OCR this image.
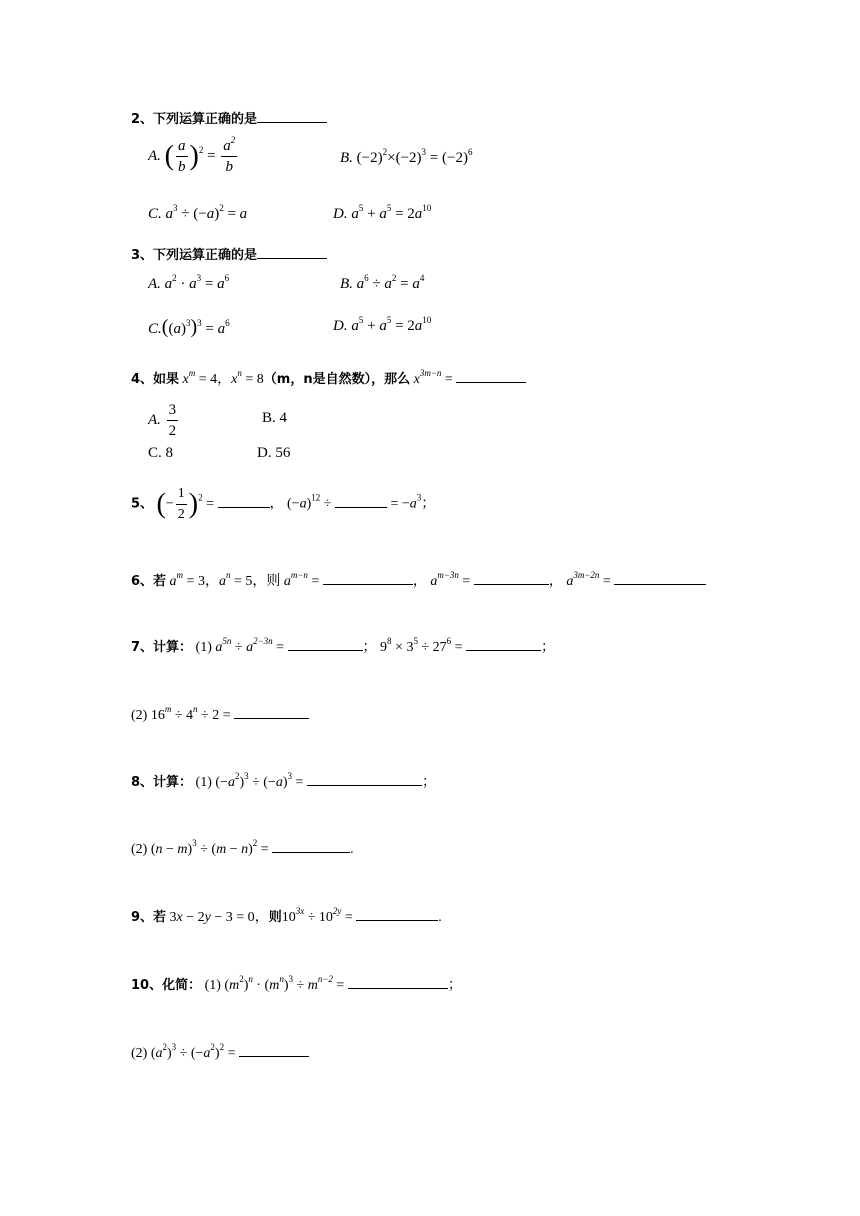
2、下列运算正确的是
A. ( $\frac{a}{b} )^2 = \frac{a^2}{b}$	B. $(-2)^2\times(-2)^3 = (-2)^6$
C. $a^3 \div (-a)^2 = a$	D. $a^5 + a^5 = 2a^{10}$
3、下列运算正确的是
A. $a^2 \cdot a^3 = a^6$	B. $a^6 \div a^2 = a^4$
$C.((a)^3)^3 = a^6$	D. $a^5 + a^5 = 2a^{10}$
4、如果 $x^m = 4$，$x^n = 8(m$，n是自然数），那么 $x^{3m-n}$ =
A. $\frac{3}{2}$	B. 4
C. 8	D. 56
5、 (− $\frac{1}{2} )^2$ =	， $(-a)^{12}$ ÷	= $-a^3$；
6、若 $a^m = 3$，$a^n = 5$，则 $a^{m-n}$ =	， $a^{m-3n}$ =	， $a^{3m-2n}$ =
7、计算： (1) $a^{5n} \div a^{2-3n}$ =	； $9^8 \times 3^5 \div 27^6$ =	；
(2) $16^m \div 4^n \div 2$ =
8、计算： (1) $(-a^2)^3 \div (-a)^3$ =	；
(2) $(n - m)^3 \div (m - n)^2$ =	.
9、若 3x − 2y − 3 = 0，则$10^{3x} \div 10^{2y}$ =	.
10、化简： (1) $(m^2)^n \cdot (m^n)^3 \div m^{n-2}$ =	；
(2) $(a^2)^3 \div (-a^2)^2$ =
